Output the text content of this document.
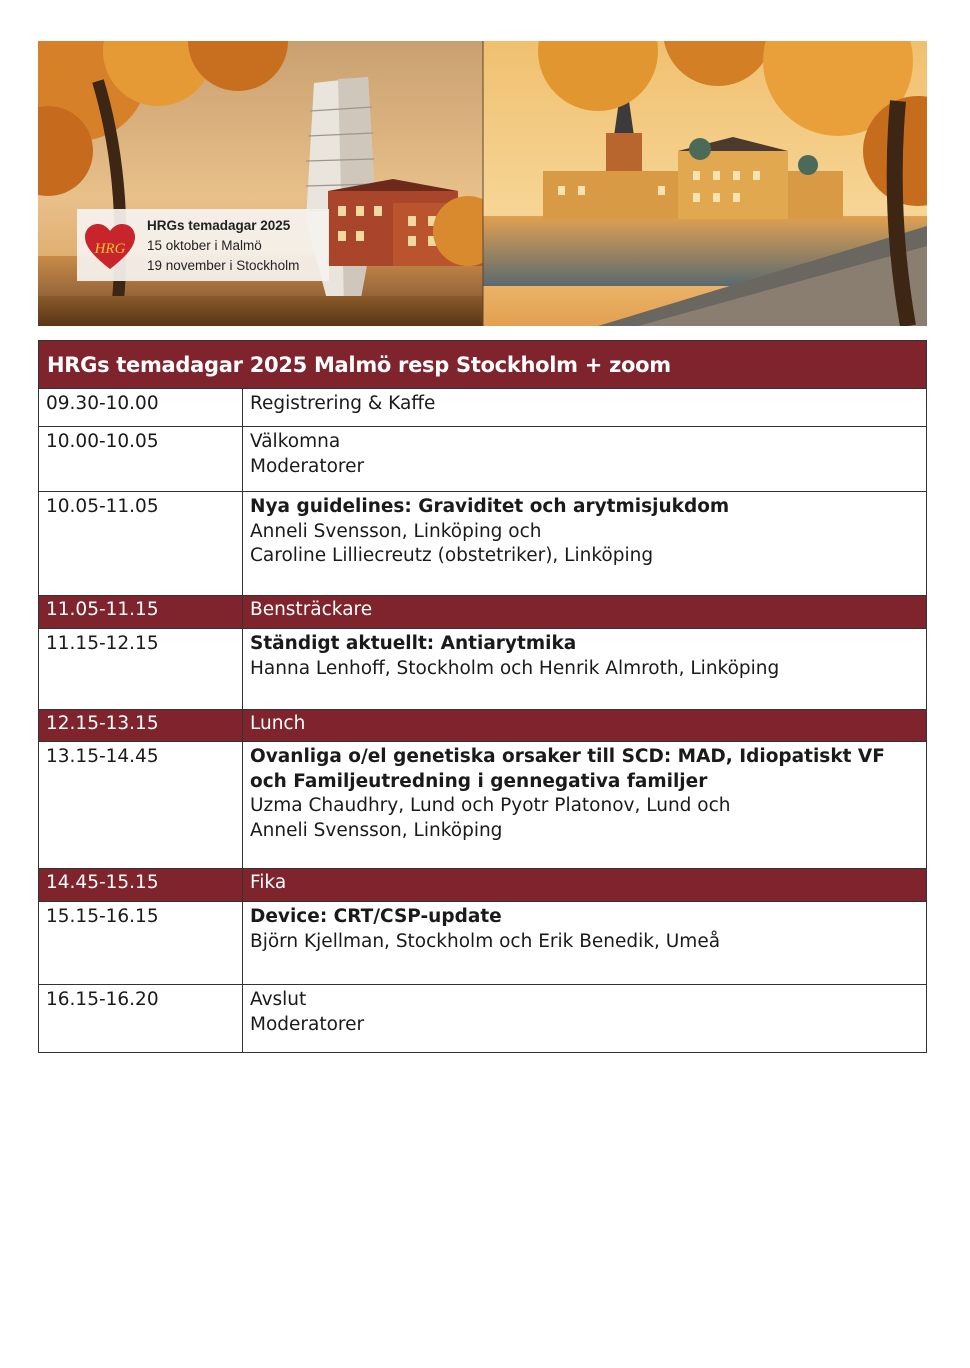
HRG
HRGs temadagar 2025
15 oktober i Malmö
19 november i Stockholm
HRGs temadagar 2025 Malmö resp Stockholm + zoom
09.30-10.00	Registrering & Kaffe
10.00-10.05	Välkomna
Moderatorer
10.05-11.05	Nya guidelines: Graviditet och arytmisjukdom
Anneli Svensson, Linköping och
Caroline Lilliecreutz (obstetriker), Linköping
11.05-11.15	Bensträckare
11.15-12.15	Ständigt aktuellt: Antiarytmika
Hanna Lenhoff, Stockholm och Henrik Almroth, Linköping
12.15-13.15	Lunch
13.15-14.45	Ovanliga o/el genetiska orsaker till SCD: MAD, Idiopatiskt VF och Familjeutredning i gennegativa familjer
Uzma Chaudhry, Lund och Pyotr Platonov, Lund och
Anneli Svensson, Linköping
14.45-15.15	Fika
15.15-16.15	Device: CRT/CSP-update
Björn Kjellman, Stockholm och Erik Benedik, Umeå
16.15-16.20	Avslut
Moderatorer
